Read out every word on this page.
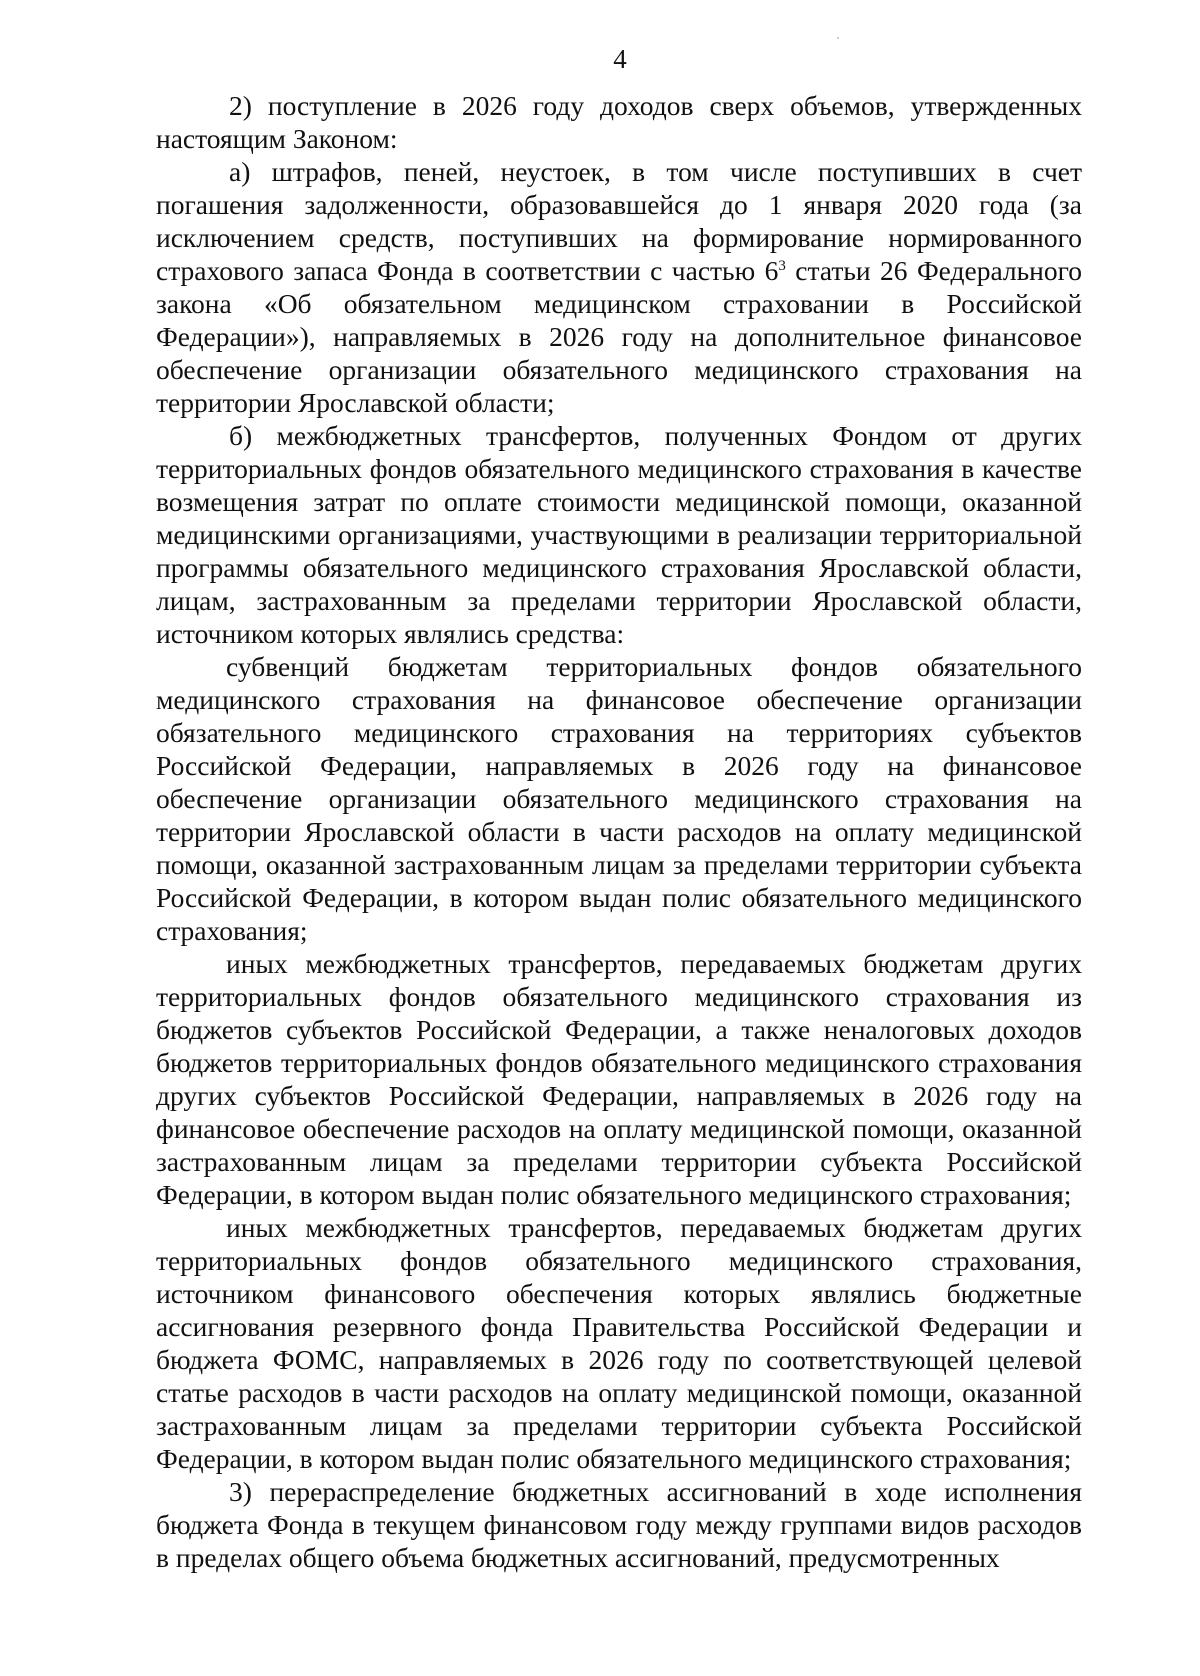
4

2) поступление в 2026 году доходов сверх объемов, утвержденных настоящим Законом:

а) штрафов, пеней, неустоек, в том числе поступивших в счет погашения задолженности, образовавшейся до 1 января 2020 года (за исключением средств, поступивших на формирование нормированного страхового запаса Фонда в соответствии с частью $6^3$ статьи 26 Федерального закона «Об обязательном медицинском страховании в Российской Федерации»), направляемых в 2026 году на дополнительное финансовое обеспечение организации обязательного медицинского страхования на территории Ярославской области;

б) межбюджетных трансфертов, полученных Фондом от других территориальных фондов обязательного медицинского страхования в качестве возмещения затрат по оплате стоимости медицинской помощи, оказанной медицинскими организациями, участвующими в реализации территориальной программы обязательного медицинского страхования Ярославской области, лицам, застрахованным за пределами территории Ярославской области, источником которых являлись средства:

субвенций бюджетам территориальных фондов обязательного медицинского страхования на финансовое обеспечение организации обязательного медицинского страхования на территориях субъектов Российской Федерации, направляемых в 2026 году на финансовое обеспечение организации обязательного медицинского страхования на территории Ярославской области в части расходов на оплату медицинской помощи, оказанной застрахованным лицам за пределами территории субъекта Российской Федерации, в котором выдан полис обязательного медицинского страхования;

иных межбюджетных трансфертов, передаваемых бюджетам других территориальных фондов обязательного медицинского страхования из бюджетов субъектов Российской Федерации, а также неналоговых доходов бюджетов территориальных фондов обязательного медицинского страхования других субъектов Российской Федерации, направляемых в 2026 году на финансовое обеспечение расходов на оплату медицинской помощи, оказанной застрахованным лицам за пределами территории субъекта Российской Федерации, в котором выдан полис обязательного медицинского страхования;

иных межбюджетных трансфертов, передаваемых бюджетам других территориальных фондов обязательного медицинского страхования, источником финансового обеспечения которых являлись бюджетные ассигнования резервного фонда Правительства Российской Федерации и бюджета ФОМС, направляемых в 2026 году по соответствующей целевой статье расходов в части расходов на оплату медицинской помощи, оказанной застрахованным лицам за пределами территории субъекта Российской Федерации, в котором выдан полис обязательного медицинского страхования;

3) перераспределение бюджетных ассигнований в ходе исполнения бюджета Фонда в текущем финансовом году между группами видов расходов в пределах общего объема бюджетных ассигнований, предусмотренных
